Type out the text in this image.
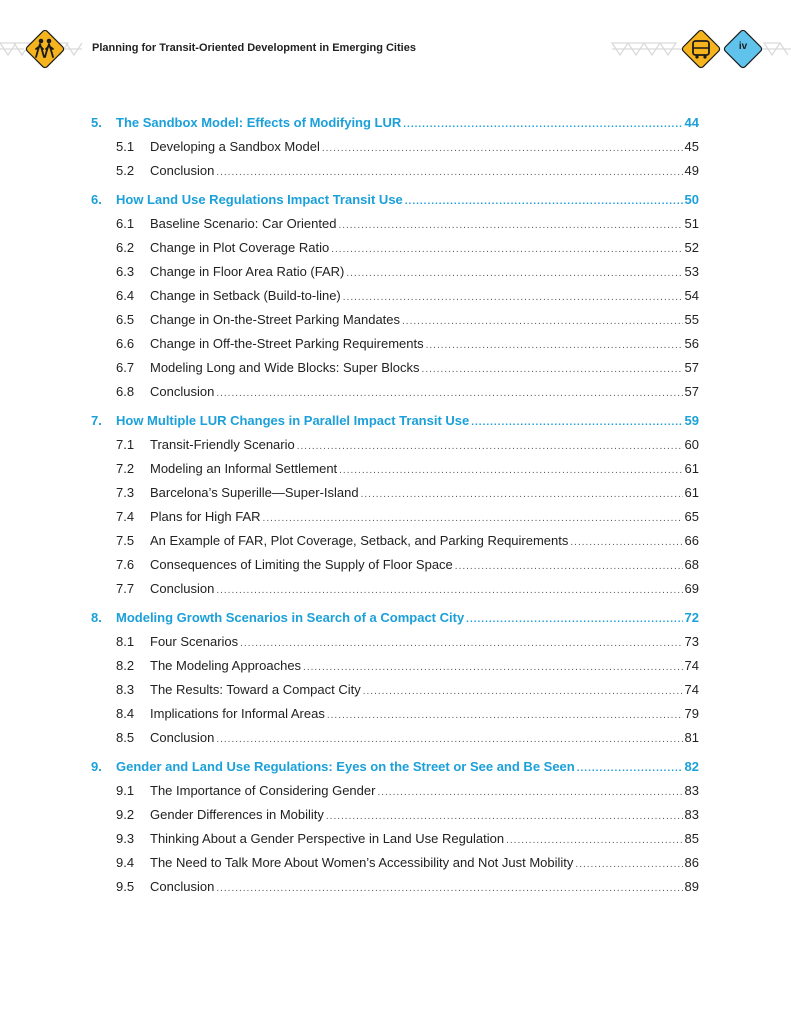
Planning for Transit-Oriented Development in Emerging Cities	iv
5.	The Sandbox Model: Effects of Modifying LUR .....	44
5.1	Developing a Sandbox Model .....	45
5.2	Conclusion .....	49
6.	How Land Use Regulations Impact Transit Use .....	50
6.1	Baseline Scenario: Car Oriented .....	51
6.2	Change in Plot Coverage Ratio .....	52
6.3	Change in Floor Area Ratio (FAR) .....	53
6.4	Change in Setback (Build-to-line) .....	54
6.5	Change in On-the-Street Parking Mandates .....	55
6.6	Change in Off-the-Street Parking Requirements .....	56
6.7	Modeling Long and Wide Blocks: Super Blocks .....	57
6.8	Conclusion .....	57
7.	How Multiple LUR Changes in Parallel Impact Transit Use .....	59
7.1	Transit-Friendly Scenario .....	60
7.2	Modeling an Informal Settlement .....	61
7.3	Barcelona’s Superille—Super-Island .....	61
7.4	Plans for High FAR .....	65
7.5	An Example of FAR, Plot Coverage, Setback, and Parking Requirements .....	66
7.6	Consequences of Limiting the Supply of Floor Space .....	68
7.7	Conclusion .....	69
8.	Modeling Growth Scenarios in Search of a Compact City .....	72
8.1	Four Scenarios .....	73
8.2	The Modeling Approaches .....	74
8.3	The Results: Toward a Compact City .....	74
8.4	Implications for Informal Areas .....	79
8.5	Conclusion .....	81
9.	Gender and Land Use Regulations: Eyes on the Street or See and Be Seen .....	82
9.1	The Importance of Considering Gender .....	83
9.2	Gender Differences in Mobility .....	83
9.3	Thinking About a Gender Perspective in Land Use Regulation .....	85
9.4	The Need to Talk More About Women’s Accessibility and Not Just Mobility .....	86
9.5	Conclusion .....	89
